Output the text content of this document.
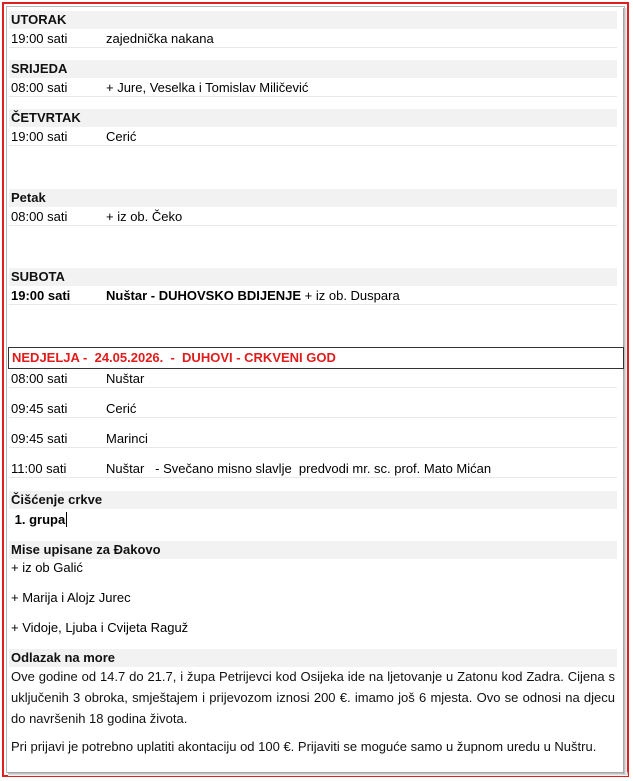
UTORAK
19:00 sati	zajednička nakana
SRIJEDA
08:00 sati	+ Jure, Veselka i Tomislav Miličević
ČETVRTAK
19:00 sati	Cerić
Petak
08:00 sati	+ iz ob. Čeko
SUBOTA
19:00 sati	Nuštar - DUHOVSKO BDIJENJE + iz ob. Duspara
NEDJELJA -  24.05.2026.  -  DUHOVI - CRKVENI GOD
08:00 sati	Nuštar
09:45 sati	Cerić
09:45 sati	Marinci
11:00 sati	Nuštar   - Svečano misno slavlje  predvodi mr. sc. prof. Mato Mićan
Čišćenje crkve
1. grupa
Mise upisane za Đakovo
+ iz ob Galić
+ Marija i Alojz Jurec
+ Vidoje, Ljuba i Cvijeta Raguž
Odlazak na more
Ove godine od 14.7 do 21.7, i župa Petrijevci kod Osijeka ide na ljetovanje u Zatonu kod Zadra. Cijena s uključenih 3 obroka, smještajem i prijevozom iznosi 200 €. imamo još 6 mjesta. Ovo se odnosi na djecu do navršenih 18 godina života.
Pri prijavi je potrebno uplatiti akontaciju od 100 €. Prijaviti se moguće samo u župnom uredu u Nuštru.
